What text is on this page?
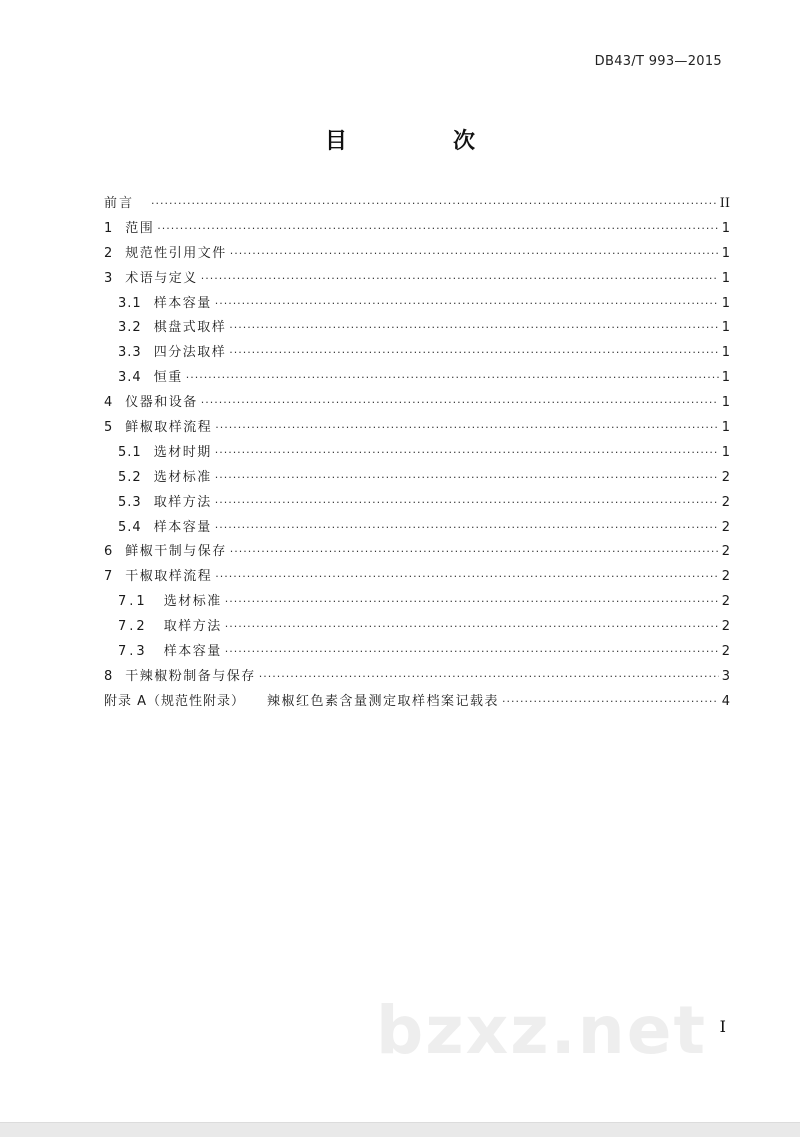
DB43/T 993—2015
目　次
前言 ·····	II
1 范围 ·····	1
2 规范性引用文件 ·····	1
3 术语与定义 ·····	1
3.1 样本容量 ·····	1
3.2 棋盘式取样 ·····	1
3.3 四分法取样 ·····	1
3.4 恒重 ·····	1
4 仪器和设备 ·····	1
5 鲜椒取样流程 ·····	1
5.1 选材时期 ·····	1
5.2 选材标准 ·····	2
5.3 取样方法 ·····	2
5.4 样本容量 ·····	2
6 鲜椒干制与保存 ·····	2
7 干椒取样流程 ·····	2
7.1 选材标准 ·····	2
7.2 取样方法 ·····	2
7.3 样本容量 ·····	2
8 干辣椒粉制备与保存 ·····	3
附录 A（规范性附录） 辣椒红色素含量测定取样档案记载表 ·····	4
I
bzxz.net
